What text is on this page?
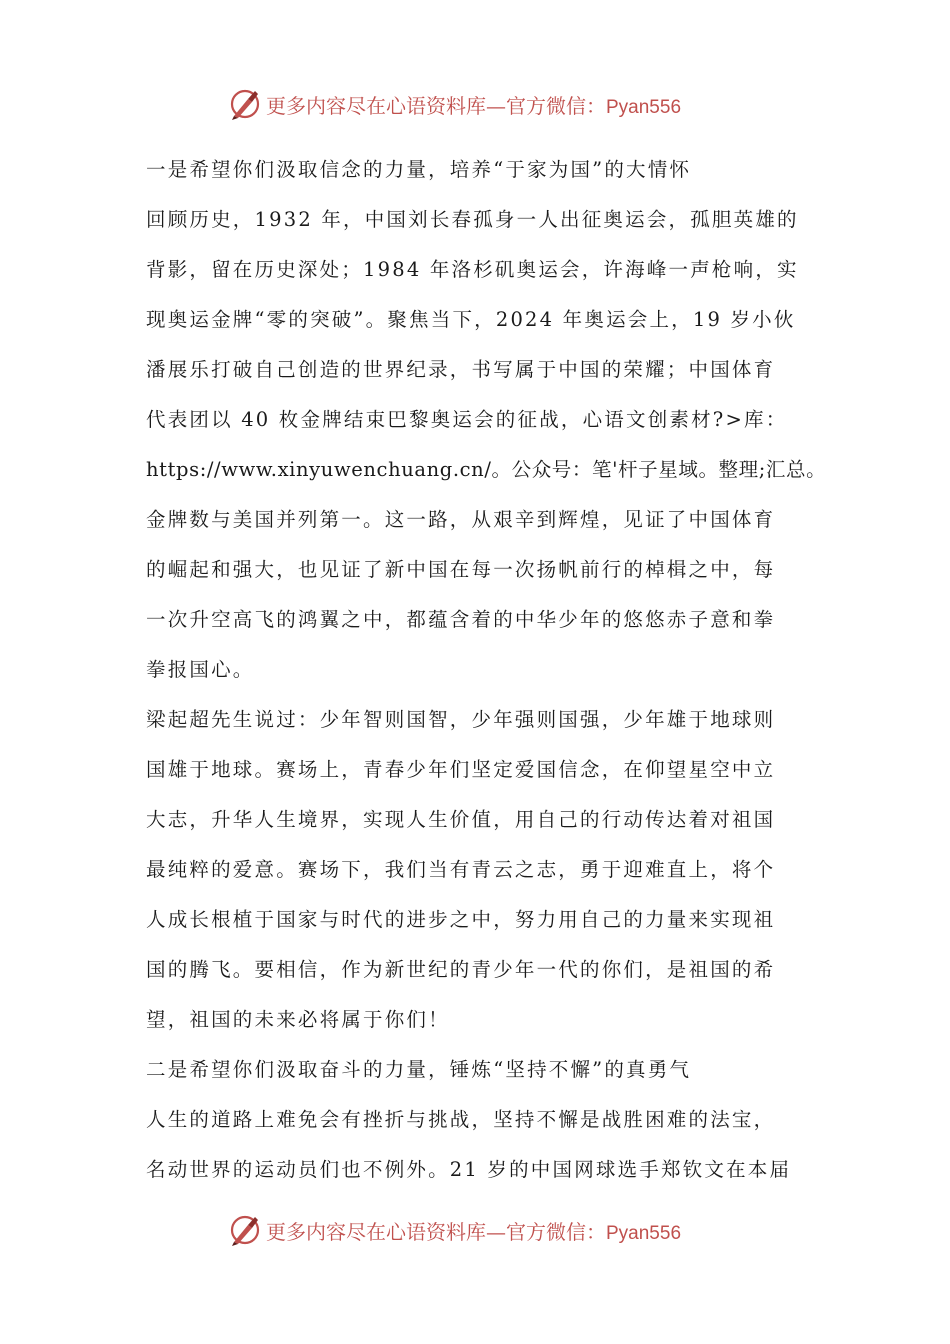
更多内容尽在心语资料库—官方微信：Pyan556
一是希望你们汲取信念的力量，培养“于家为国”的大情怀
回顾历史，1932 年，中国刘长春孤身一人出征奥运会，孤胆英雄的
背影，留在历史深处；1984 年洛杉矶奥运会，许海峰一声枪响，实
现奥运金牌“零的突破”。聚焦当下，2024 年奥运会上，19 岁小伙
潘展乐打破自己创造的世界纪录，书写属于中国的荣耀；中国体育
代表团以 40 枚金牌结束巴黎奥运会的征战，心语文创素材?>库：
https://www.xinyuwenchuang.cn/。公众号：笔'杆子星域。整理;汇总。
金牌数与美国并列第一。这一路，从艰辛到辉煌，见证了中国体育
的崛起和强大，也见证了新中国在每一次扬帆前行的棹楫之中，每
一次升空高飞的鸿翼之中，都蕴含着的中华少年的悠悠赤子意和拳
拳报国心。
梁起超先生说过：少年智则国智，少年强则国强，少年雄于地球则
国雄于地球。赛场上，青春少年们坚定爱国信念，在仰望星空中立
大志，升华人生境界，实现人生价值，用自己的行动传达着对祖国
最纯粹的爱意。赛场下，我们当有青云之志，勇于迎难直上，将个
人成长根植于国家与时代的进步之中，努力用自己的力量来实现祖
国的腾飞。要相信，作为新世纪的青少年一代的你们，是祖国的希
望，祖国的未来必将属于你们！
二是希望你们汲取奋斗的力量，锤炼“坚持不懈”的真勇气
人生的道路上难免会有挫折与挑战，坚持不懈是战胜困难的法宝，
名动世界的运动员们也不例外。21 岁的中国网球选手郑钦文在本届
更多内容尽在心语资料库—官方微信：Pyan556
